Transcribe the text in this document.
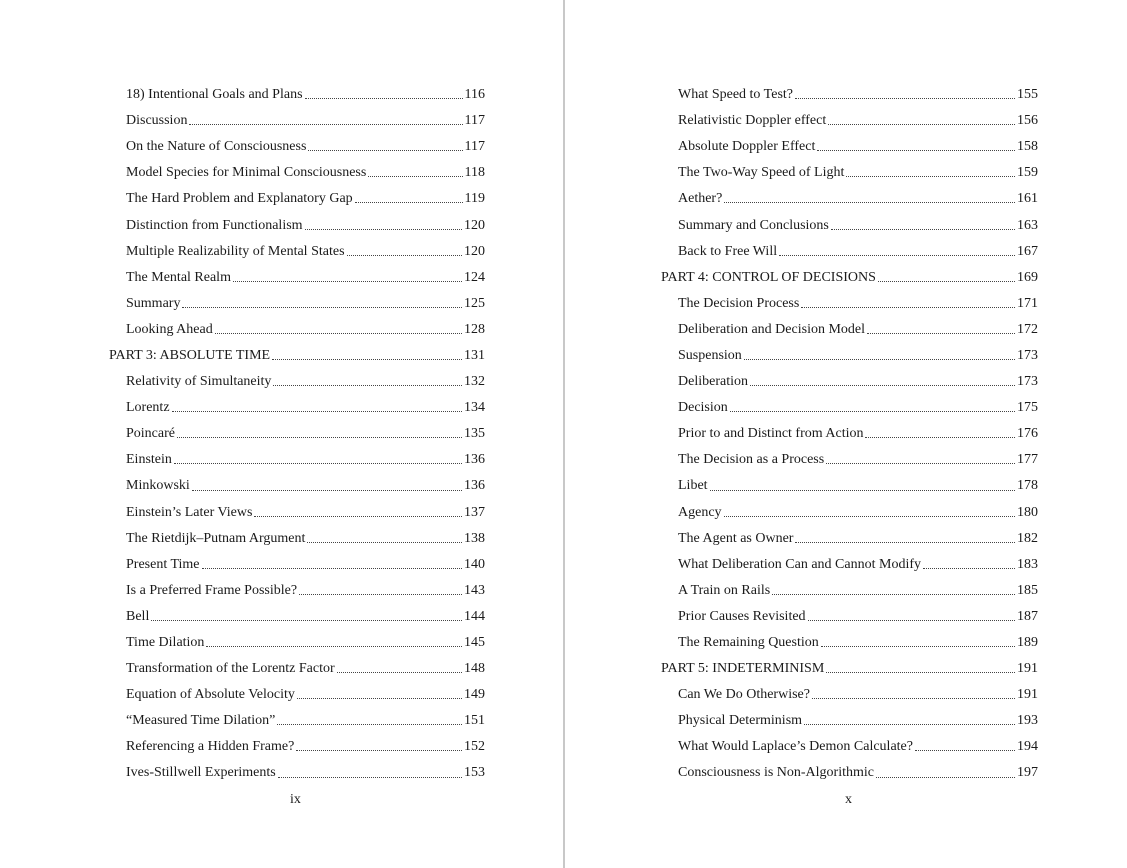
18) Intentional Goals and Plans	116
Discussion	117
On the Nature of Consciousness	117
Model Species for Minimal Consciousness	118
The Hard Problem and Explanatory Gap	119
Distinction from Functionalism	120
Multiple Realizability of Mental States	120
The Mental Realm	124
Summary	125
Looking Ahead	128
PART 3: ABSOLUTE TIME	131
Relativity of Simultaneity	132
Lorentz	134
Poincaré	135
Einstein	136
Minkowski	136
Einstein’s Later Views	137
The Rietdijk–Putnam Argument	138
Present Time	140
Is a Preferred Frame Possible?	143
Bell	144
Time Dilation	145
Transformation of the Lorentz Factor	148
Equation of Absolute Velocity	149
“Measured Time Dilation”	151
Referencing a Hidden Frame?	152
Ives-Stillwell Experiments	153
ix
What Speed to Test?	155
Relativistic Doppler effect	156
Absolute Doppler Effect	158
The Two-Way Speed of Light	159
Aether?	161
Summary and Conclusions	163
Back to Free Will	167
PART 4: CONTROL OF DECISIONS	169
The Decision Process	171
Deliberation and Decision Model	172
Suspension	173
Deliberation	173
Decision	175
Prior to and Distinct from Action	176
The Decision as a Process	177
Libet	178
Agency	180
The Agent as Owner	182
What Deliberation Can and Cannot Modify	183
A Train on Rails	185
Prior Causes Revisited	187
The Remaining Question	189
PART 5: INDETERMINISM	191
Can We Do Otherwise?	191
Physical Determinism	193
What Would Laplace’s Demon Calculate?	194
Consciousness is Non-Algorithmic	197
x
